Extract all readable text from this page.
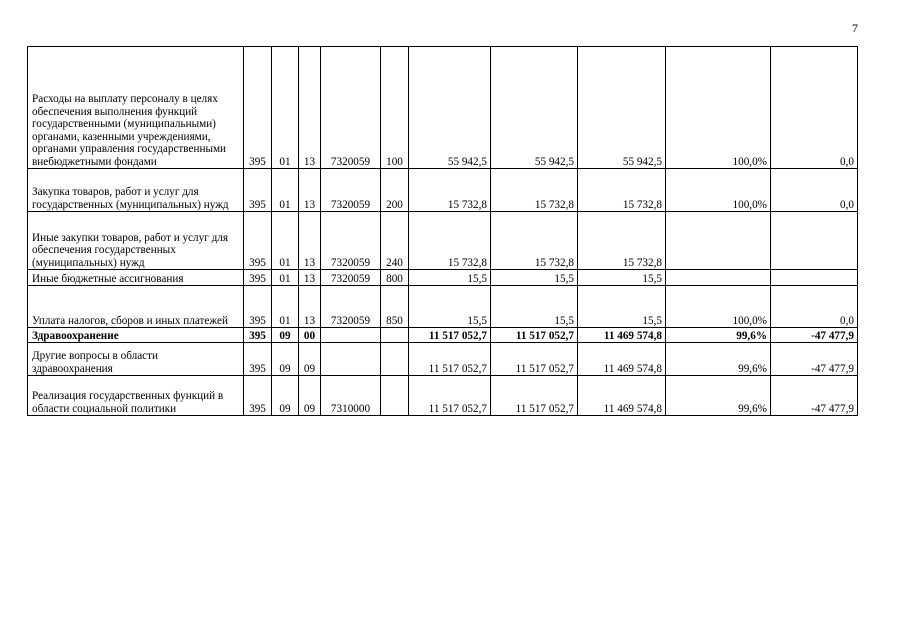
7
Расходы на выплату персоналу в целях обеспечения выполнения функций государственными (муниципальными) органами, казенными учреждениями, органами управления государственными внебюджетными фондами	395	01	13	7320059	100	55 942,5	55 942,5	55 942,5	100,0%	0,0
Закупка товаров, работ и услуг для государственных (муниципальных) нужд	395	01	13	7320059	200	15 732,8	15 732,8	15 732,8	100,0%	0,0
Иные закупки товаров, работ и услуг для обеспечения государственных (муниципальных) нужд	395	01	13	7320059	240	15 732,8	15 732,8	15 732,8		
Иные бюджетные ассигнования	395	01	13	7320059	800	15,5	15,5	15,5		
Уплата налогов, сборов и иных платежей	395	01	13	7320059	850	15,5	15,5	15,5	100,0%	0,0
Здравоохранение	395	09	00			11 517 052,7	11 517 052,7	11 469 574,8	99,6%	-47 477,9
Другие вопросы в области здравоохранения	395	09	09			11 517 052,7	11 517 052,7	11 469 574,8	99,6%	-47 477,9
Реализация государственных функций в области социальной политики	395	09	09	7310000		11 517 052,7	11 517 052,7	11 469 574,8	99,6%	-47 477,9
